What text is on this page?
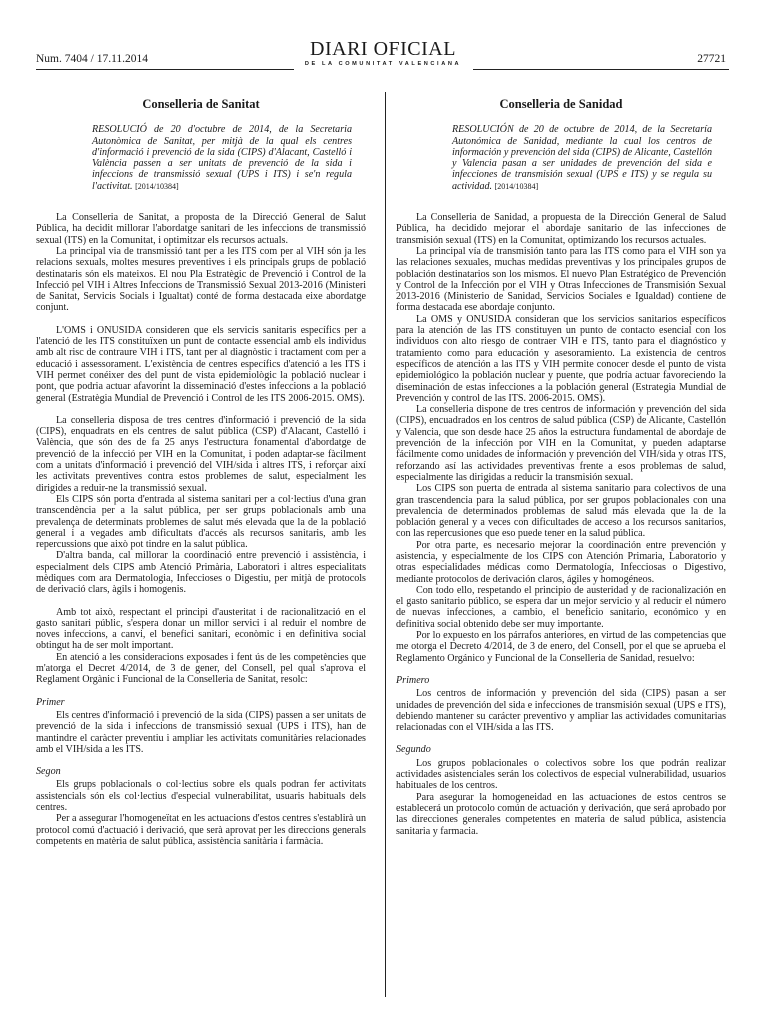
Num. 7404 / 17.11.2014	DIARI OFICIAL
DE LA COMUNITAT VALENCIANA	27721
Conselleria de Sanitat
RESOLUCIÓ de 20 d'octubre de 2014, de la Secretaria Autonòmica de Sanitat, per mitjà de la qual els centres d'informació i prevenció de la sida (CIPS) d'Alacant, Castelló i València passen a ser unitats de prevenció de la sida i infeccions de transmissió sexual (UPS i ITS) i se'n regula l'activitat. [2014/10384]

La Conselleria de Sanitat, a proposta de la Direcció General de Salut Pública, ha decidit millorar l'abordatge sanitari de les infeccions de transmissió sexual (ITS) en la Comunitat, i optimitzar els recursos actuals.

La principal via de transmissió tant per a les ITS com per al VIH són ja les relacions sexuals, moltes mesures preventives i els principals grups de població destinataris són els mateixos. El nou Pla Estratègic de Prevenció i Control de la Infecció pel VIH i Altres Infeccions de Transmissió Sexual 2013-2016 (Ministeri de Sanitat, Servicis Socials i Igualtat) conté de forma destacada eixe abordatge conjunt.

L'OMS i ONUSIDA consideren que els servicis sanitaris específics per a l'atenció de les ITS constituïxen un punt de contacte essencial amb els individus amb alt risc de contraure VIH i ITS, tant per al diagnòstic i tractament com per a educació i assessorament. L'existència de centres específics d'atenció a les ITS i VIH permet conéixer des del punt de vista epidemiològic la població nuclear i pont, que podria actuar afavorint la disseminació d'estes infeccions a la població general (Estratègia Mundial de Prevenció i Control de les ITS 2006-2015. OMS).

La conselleria disposa de tres centres d'informació i prevenció de la sida (CIPS), enquadrats en els centres de salut pública (CSP) d'Alacant, Castelló i València, que són des de fa 25 anys l'estructura fonamental d'abordatge de prevenció de la infecció per VIH en la Comunitat, i poden adaptar-se fàcilment com a unitats d'informació i prevenció del VIH/sida i altres ITS, i reforçar així les activitats preventives contra estos problemes de salut, especialment les dirigides a reduir-ne la transmissió sexual.

Els CIPS són porta d'entrada al sistema sanitari per a col·lectius d'una gran transcendència per a la salut pública, per ser grups poblacionals amb una prevalença de determinats problemes de salut més elevada que la de la població general i a vegades amb dificultats d'accés als recursos sanitaris, amb les repercussions que això pot tindre en la salut pública.

D'altra banda, cal millorar la coordinació entre prevenció i assistència, i especialment dels CIPS amb Atenció Primària, Laboratori i altres especialitats mèdiques com ara Dermatologia, Infeccioses o Digestiu, per mitjà de protocols de derivació clars, àgils i homogenis.

Amb tot això, respectant el principi d'austeritat i de racionalització en el gasto sanitari públic, s'espera donar un millor servici i al reduir el nombre de noves infeccions, a canvi, el benefici sanitari, econòmic i en definitiva social obtingut ha de ser molt important.

En atenció a les consideracions exposades i fent ús de les competències que m'atorga el Decret 4/2014, de 3 de gener, del Consell, pel qual s'aprova el Reglament Orgànic i Funcional de la Conselleria de Sanitat, resolc:

Primer

Els centres d'informació i prevenció de la sida (CIPS) passen a ser unitats de prevenció de la sida i infeccions de transmissió sexual (UPS i ITS), han de mantindre el caràcter preventiu i ampliar les activitats comunitàries relacionades amb el VIH/sida a les ITS.

Segon

Els grups poblacionals o col·lectius sobre els quals podran fer activitats assistencials són els col·lectius d'especial vulnerabilitat, usuaris habituals dels centres.

Per a assegurar l'homogeneïtat en les actuacions d'estos centres s'establirà un protocol comú d'actuació i derivació, que serà aprovat per les direccions generals competents en matèria de salut pública, assistència sanitària i farmàcia.

Conselleria de Sanidad
RESOLUCIÓN de 20 de octubre de 2014, de la Secretaría Autonómica de Sanidad, mediante la cual los centros de información y prevención del sida (CIPS) de Alicante, Castellón y Valencia pasan a ser unidades de prevención del sida e infecciones de transmisión sexual (UPS e ITS) y se regula su actividad. [2014/10384]

La Conselleria de Sanidad, a propuesta de la Dirección General de Salud Pública, ha decidido mejorar el abordaje sanitario de las infecciones de transmisión sexual (ITS) en la Comunitat, optimizando los recursos actuales.

La principal vía de transmisión tanto para las ITS como para el VIH son ya las relaciones sexuales, muchas medidas preventivas y los principales grupos de población destinatarios son los mismos. El nuevo Plan Estratégico de Prevención y Control de la Infección por el VIH y Otras Infecciones de Transmisión Sexual 2013-2016 (Ministerio de Sanidad, Servicios Sociales e Igualdad) contiene de forma destacada ese abordaje conjunto.

La OMS y ONUSIDA consideran que los servicios sanitarios específicos para la atención de las ITS constituyen un punto de contacto esencial con los individuos con alto riesgo de contraer VIH e ITS, tanto para el diagnóstico y tratamiento como para educación y asesoramiento. La existencia de centros específicos de atención a las ITS y VIH permite conocer desde el punto de vista epidemiológico la población nuclear y puente, que podría actuar favoreciendo la diseminación de estas infecciones a la población general (Estrategia Mundial de Prevención y control de las ITS. 2006-2015. OMS).

La conselleria dispone de tres centros de información y prevención del sida (CIPS), encuadrados en los centros de salud pública (CSP) de Alicante, Castellón y Valencia, que son desde hace 25 años la estructura fundamental de abordaje de prevención de la infección por VIH en la Comunitat, y pueden adaptarse fácilmente como unidades de información y prevención del VIH/sida y otras ITS, reforzando así las actividades preventivas frente a esos problemas de salud, especialmente las dirigidas a reducir la transmisión sexual.

Los CIPS son puerta de entrada al sistema sanitario para colectivos de una gran trascendencia para la salud pública, por ser grupos poblacionales con una prevalencia de determinados problemas de salud más elevada que la de la población general y a veces con dificultades de acceso a los recursos sanitarios, con las repercusiones que eso puede tener en la salud pública.

Por otra parte, es necesario mejorar la coordinación entre prevención y asistencia, y especialmente de los CIPS con Atención Primaria, Laboratorio y otras especialidades médicas como Dermatología, Infecciosas o Digestivo, mediante protocolos de derivación claros, ágiles y homogéneos.

Con todo ello, respetando el principio de austeridad y de racionalización en el gasto sanitario público, se espera dar un mejor servicio y al reducir el número de nuevas infecciones, a cambio, el beneficio sanitario, económico y en definitiva social obtenido debe ser muy importante.

Por lo expuesto en los párrafos anteriores, en virtud de las competencias que me otorga el Decreto 4/2014, de 3 de enero, del Consell, por el que se aprueba el Reglamento Orgánico y Funcional de la Conselleria de Sanidad, resuelvo:

Primero

Los centros de información y prevención del sida (CIPS) pasan a ser unidades de prevención del sida e infecciones de transmisión sexual (UPS e ITS), debiendo mantener su carácter preventivo y ampliar las actividades comunitarias relacionadas con el VIH/sida a las ITS.

Segundo

Los grupos poblacionales o colectivos sobre los que podrán realizar actividades asistenciales serán los colectivos de especial vulnerabilidad, usuarios habituales de los centros.

Para asegurar la homogeneidad en las actuaciones de estos centros se establecerá un protocolo común de actuación y derivación, que será aprobado por las direcciones generales competentes en materia de salud pública, asistencia sanitaria y farmacia.
